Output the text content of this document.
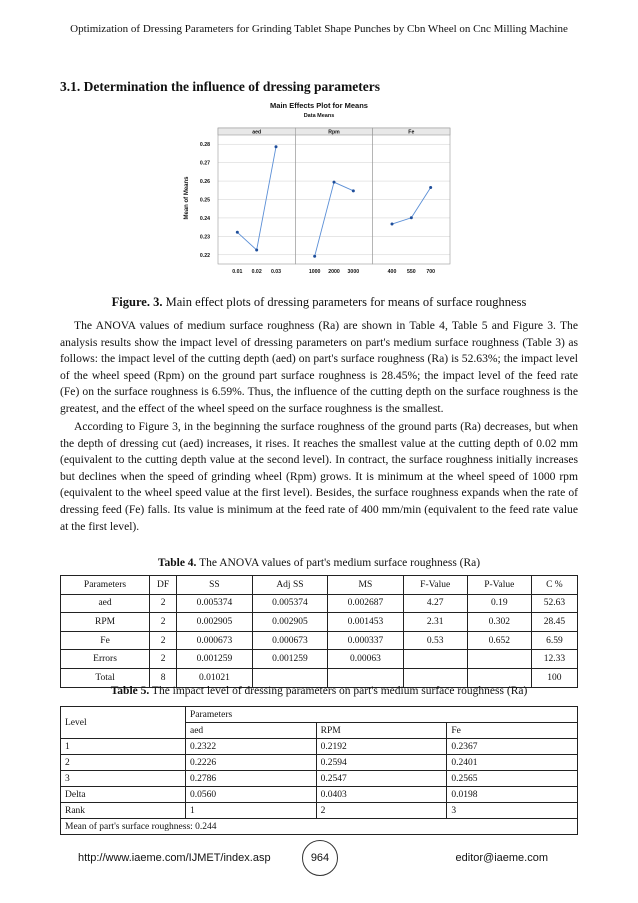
Optimization of Dressing Parameters for Grinding Tablet Shape Punches by Cbn Wheel on Cnc Milling Machine
3.1. Determination the influence of dressing parameters
Main Effects Plot for Means
Data Means
Mean of Means
0.22
0.23
0.24
0.25
0.26
0.27
0.28
aed
0.01 0.02 0.03
Rpm
1000 2000 3000
Fe
400 550 700
Figure. 3. Main effect plots of dressing parameters for means of surface roughness

The ANOVA values of medium surface roughness (Ra) are shown in Table 4, Table 5 and Figure 3. The analysis results show the impact level of dressing parameters on part's medium surface roughness (Table 3) as follows: the impact level of the cutting depth (aed) on part's surface roughness (Ra) is 52.63%; the impact level of the wheel speed (Rpm) on the ground part surface roughness is 28.45%; the impact level of the feed rate (Fe) on the surface roughness is 6.59%. Thus, the influence of the cutting depth on the surface roughness is the greatest, and the effect of the wheel speed on the surface roughness is the smallest.

According to Figure 3, in the beginning the surface roughness of the ground parts (Ra) decreases, but when the depth of dressing cut (aed) increases, it rises. It reaches the smallest value at the cutting depth of 0.02 mm (equivalent to the cutting depth value at the second level). In contract, the surface roughness initially increases but declines when the speed of grinding wheel (Rpm) grows. It is minimum at the wheel speed of 1000 rpm (equivalent to the wheel speed value at the first level). Besides, the surface roughness expands when the rate of dressing feed (Fe) falls. Its value is minimum at the feed rate of 400 mm/min (equivalent to the feed rate value at the first level).

Table 4. The ANOVA values of part's medium surface roughness (Ra)
Parameters	DF	SS	Adj SS	MS	F-Value	P-Value	C %
aed	2	0.005374	0.005374	0.002687	4.27	0.19	52.63
RPM	2	0.002905	0.002905	0.001453	2.31	0.302	28.45
Fe	2	0.000673	0.000673	0.000337	0.53	0.652	6.59
Errors	2	0.001259	0.001259	0.00063			12.33
Total	8	0.01021					100
Table 5. The impact level of dressing parameters on part's medium surface roughness (Ra)
Level	Parameters		
	aed	RPM	Fe
1	0.2322	0.2192	0.2367
2	0.2226	0.2594	0.2401
3	0.2786	0.2547	0.2565
Delta	0.0560	0.0403	0.0198
Rank	1	2	3
Mean of part's surface roughness: 0.244			
http://www.iaeme.com/IJMET/index.asp	964	editor@iaeme.com
